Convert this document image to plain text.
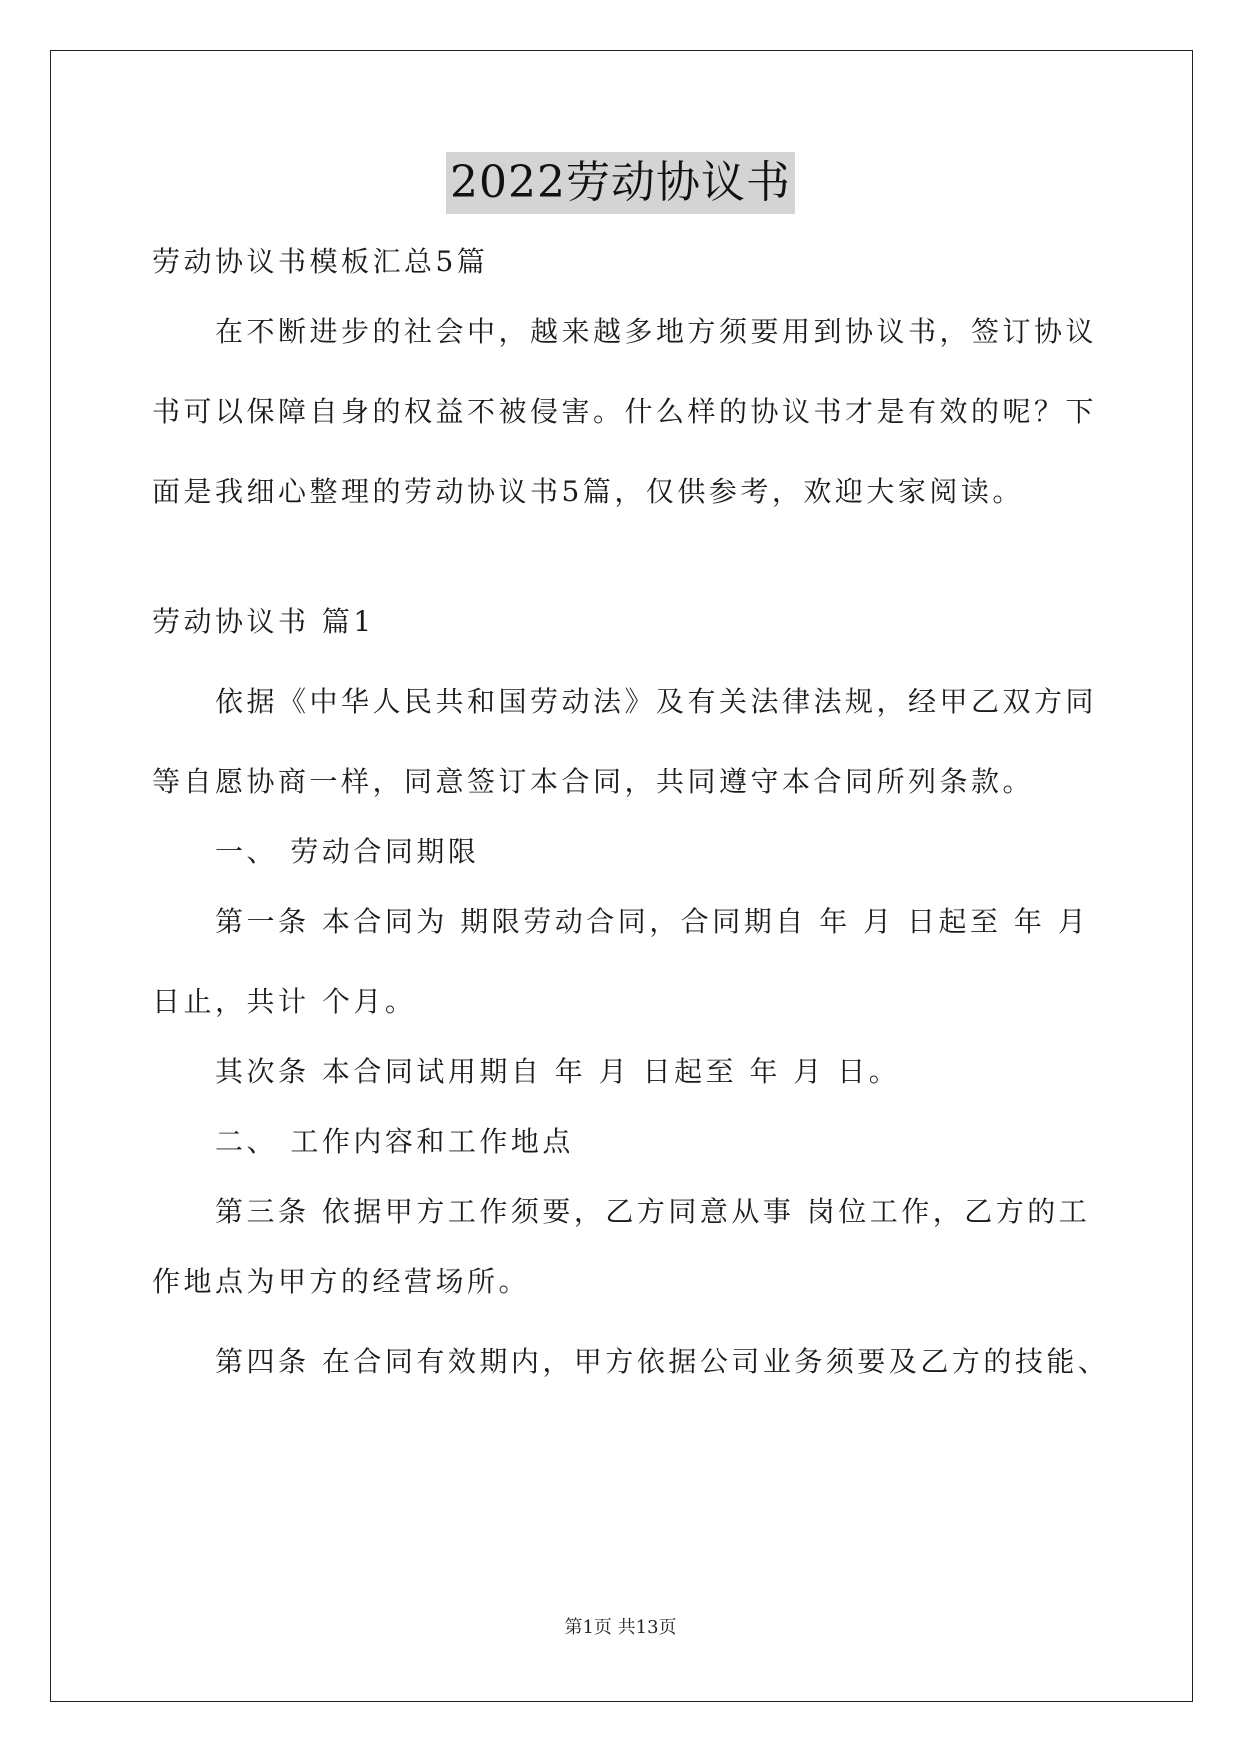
2022劳动协议书
劳动协议书模板汇总5篇
在不断进步的社会中，越来越多地方须要用到协议书，签订协议
书可以保障自身的权益不被侵害。什么样的协议书才是有效的呢？下
面是我细心整理的劳动协议书5篇，仅供参考，欢迎大家阅读。
劳动协议书 篇1
依据《中华人民共和国劳动法》及有关法律法规，经甲乙双方同
等自愿协商一样，同意签订本合同，共同遵守本合同所列条款。
一、 劳动合同期限
第一条 本合同为 期限劳动合同，合同期自 年 月 日起至 年 月
日止，共计 个月。
其次条 本合同试用期自 年 月 日起至 年 月 日。
二、 工作内容和工作地点
第三条 依据甲方工作须要，乙方同意从事 岗位工作，乙方的工
作地点为甲方的经营场所。
第四条 在合同有效期内，甲方依据公司业务须要及乙方的技能、
第1页 共13页
